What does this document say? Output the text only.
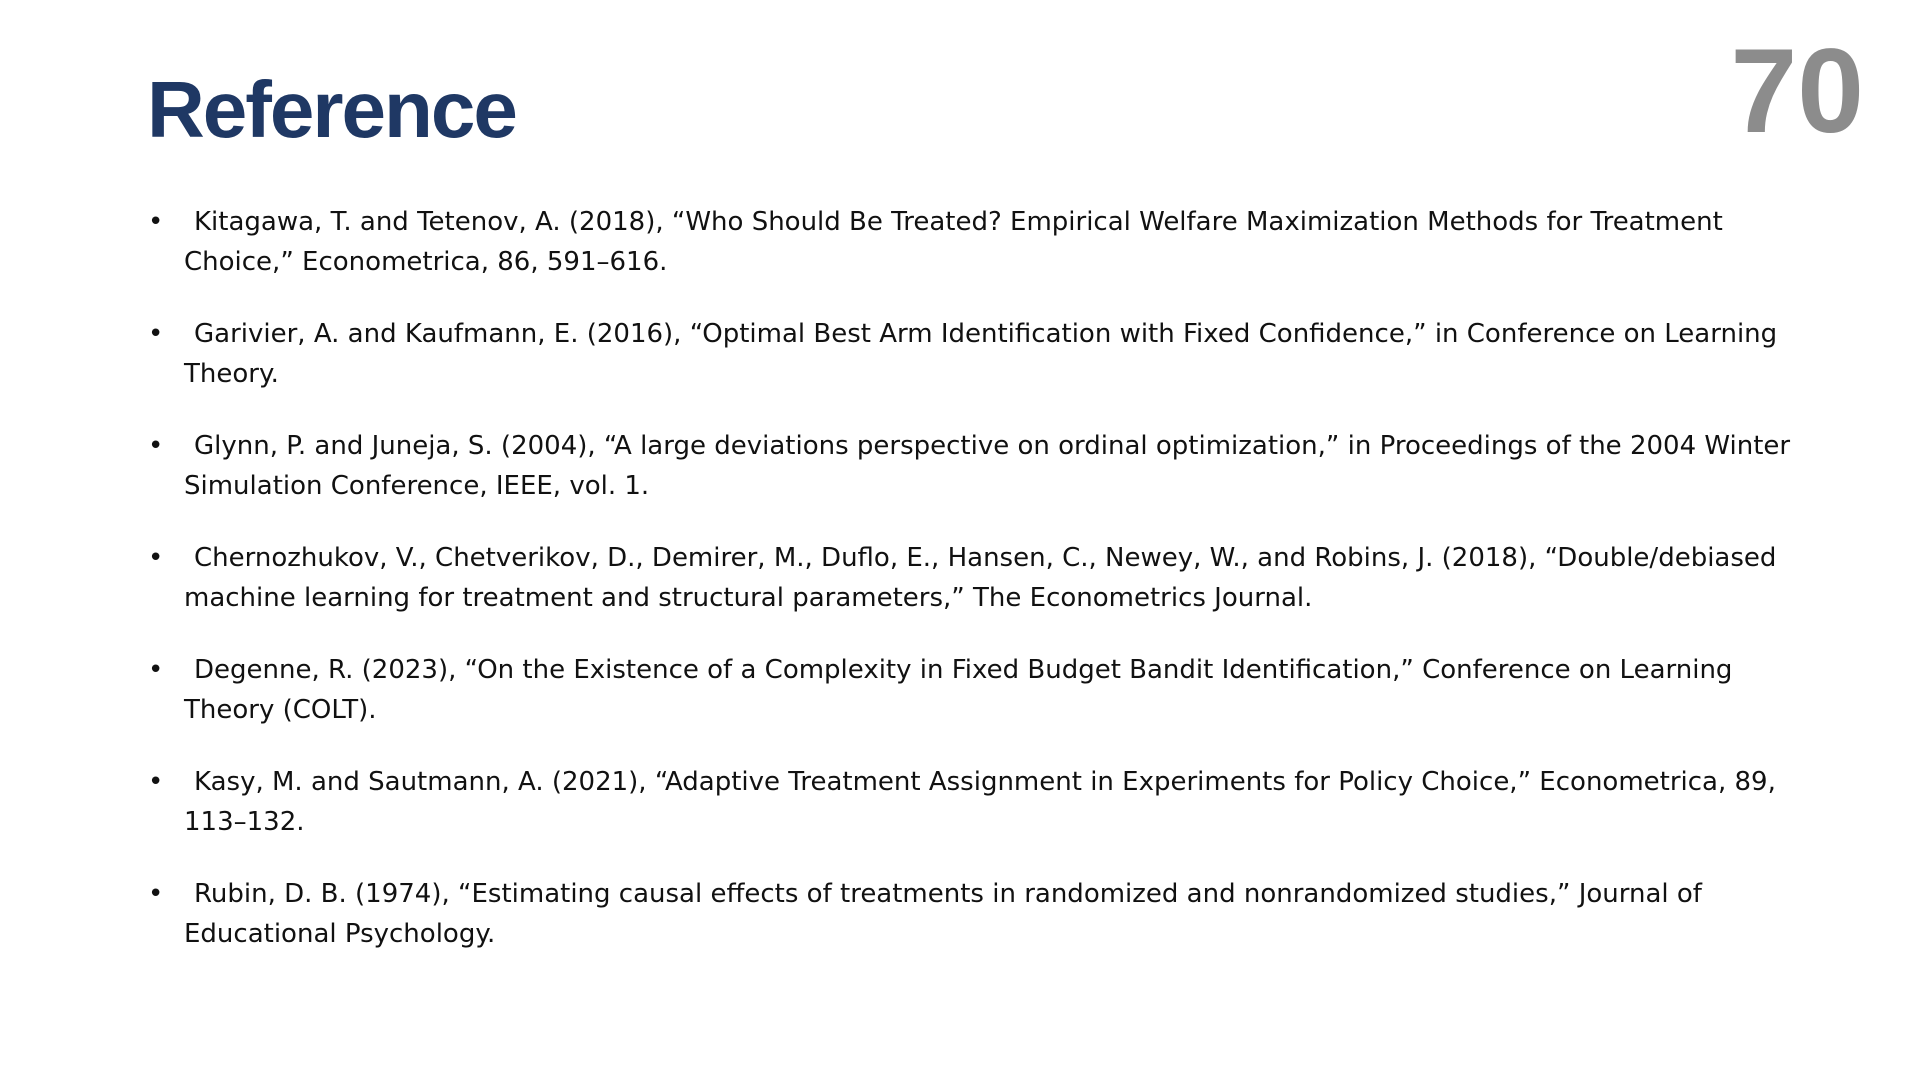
Reference	70
•	Kitagawa, T. and Tetenov, A. (2018), “Who Should Be Treated? Empirical Welfare Maximization Methods for Treatment Choice,” Econometrica, 86, 591–616.
•	Garivier, A. and Kaufmann, E. (2016), “Optimal Best Arm Identification with Fixed Confidence,” in Conference on Learning Theory.
•	Glynn, P. and Juneja, S. (2004), “A large deviations perspective on ordinal optimization,” in Proceedings of the 2004 Winter Simulation Conference, IEEE, vol. 1.
•	Chernozhukov, V., Chetverikov, D., Demirer, M., Duflo, E., Hansen, C., Newey, W., and Robins, J. (2018), “Double/debiased machine learning for treatment and structural parameters,” The Econometrics Journal.
•	Degenne, R. (2023), “On the Existence of a Complexity in Fixed Budget Bandit Identification,” Conference on Learning Theory (COLT).
•	Kasy, M. and Sautmann, A. (2021), “Adaptive Treatment Assignment in Experiments for Policy Choice,” Econometrica, 89, 113–132.
•	Rubin, D. B. (1974), “Estimating causal effects of treatments in randomized and nonrandomized studies,” Journal of Educational Psychology.
